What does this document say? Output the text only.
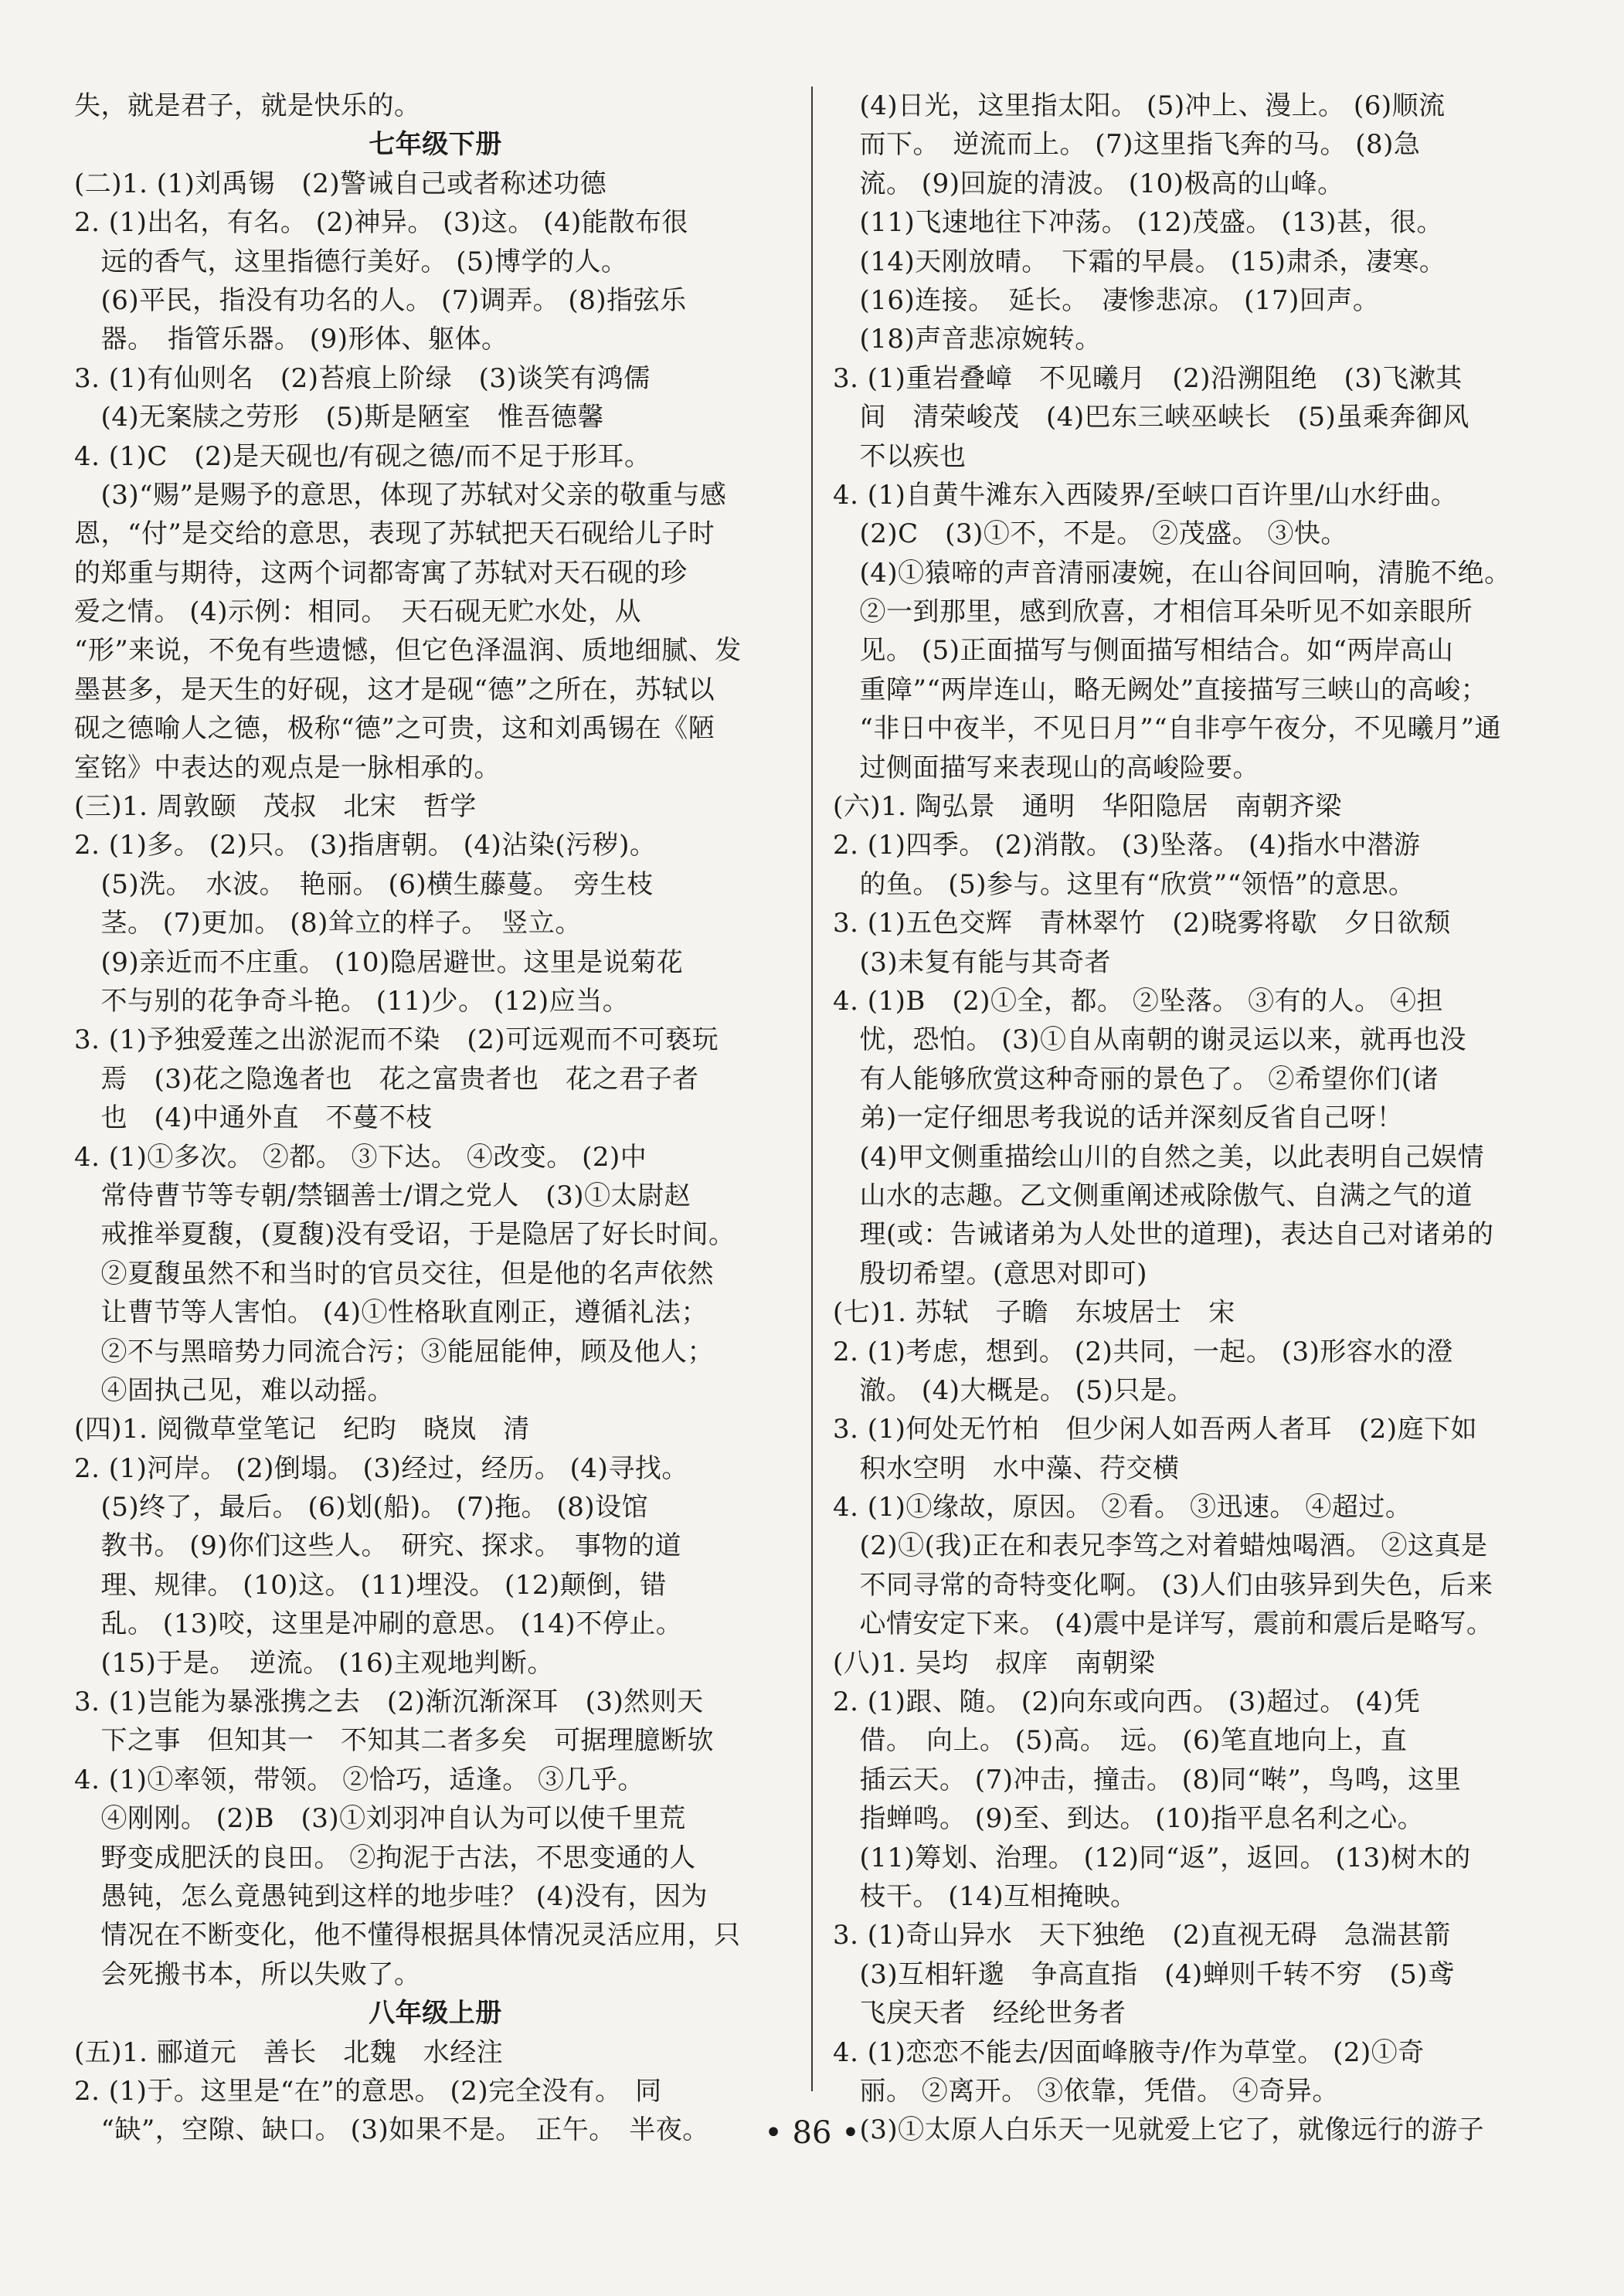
失，就是君子，就是快乐的。
七年级下册
(二)1. (1)刘禹锡　(2)警诫自己或者称述功德
2. (1)出名，有名。 (2)神异。 (3)这。 (4)能散布很
　远的香气，这里指德行美好。 (5)博学的人。
　(6)平民，指没有功名的人。 (7)调弄。 (8)指弦乐
　器。　指管乐器。 (9)形体、躯体。
3. (1)有仙则名　(2)苔痕上阶绿　(3)谈笑有鸿儒
　(4)无案牍之劳形　(5)斯是陋室　惟吾德馨
4. (1)C　(2)是天砚也/有砚之德/而不足于形耳。
　(3)“赐”是赐予的意思，体现了苏轼对父亲的敬重与感
恩，“付”是交给的意思，表现了苏轼把天石砚给儿子时
的郑重与期待，这两个词都寄寓了苏轼对天石砚的珍
爱之情。 (4)示例：相同。　天石砚无贮水处，从
“形”来说，不免有些遗憾，但它色泽温润、质地细腻、发
墨甚多，是天生的好砚，这才是砚“德”之所在，苏轼以
砚之德喻人之德，极称“德”之可贵，这和刘禹锡在《陋
室铭》中表达的观点是一脉相承的。
(三)1. 周敦颐　茂叔　北宋　哲学
2. (1)多。 (2)只。 (3)指唐朝。 (4)沾染(污秽)。
　(5)洗。　水波。　艳丽。 (6)横生藤蔓。　旁生枝
　茎。 (7)更加。 (8)耸立的样子。　竖立。
　(9)亲近而不庄重。 (10)隐居避世。这里是说菊花
　不与别的花争奇斗艳。 (11)少。 (12)应当。
3. (1)予独爱莲之出淤泥而不染　(2)可远观而不可亵玩
　焉　(3)花之隐逸者也　花之富贵者也　花之君子者
　也　(4)中通外直　不蔓不枝
4. (1)①多次。 ②都。 ③下达。 ④改变。 (2)中
　常侍曹节等专朝/禁锢善士/谓之党人　(3)①太尉赵
　戒推举夏馥，(夏馥)没有受诏，于是隐居了好长时间。
　②夏馥虽然不和当时的官员交往，但是他的名声依然
　让曹节等人害怕。 (4)①性格耿直刚正，遵循礼法；
　②不与黑暗势力同流合污；③能屈能伸，顾及他人；
　④固执己见，难以动摇。
(四)1. 阅微草堂笔记　纪昀　晓岚　清
2. (1)河岸。 (2)倒塌。 (3)经过，经历。 (4)寻找。
　(5)终了，最后。 (6)划(船)。 (7)拖。 (8)设馆
　教书。 (9)你们这些人。　研究、探求。　事物的道
　理、规律。 (10)这。 (11)埋没。 (12)颠倒，错
　乱。 (13)咬，这里是冲刷的意思。 (14)不停止。
　(15)于是。　逆流。 (16)主观地判断。
3. (1)岂能为暴涨携之去　(2)渐沉渐深耳　(3)然则天
　下之事　但知其一　不知其二者多矣　可据理臆断欤
4. (1)①率领，带领。 ②恰巧，适逢。 ③几乎。
　④刚刚。 (2)B　(3)①刘羽冲自认为可以使千里荒
　野变成肥沃的良田。 ②拘泥于古法，不思变通的人
　愚钝，怎么竟愚钝到这样的地步哇？ (4)没有，因为
　情况在不断变化，他不懂得根据具体情况灵活应用，只
　会死搬书本，所以失败了。
八年级上册
(五)1. 郦道元　善长　北魏　水经注
2. (1)于。这里是“在”的意思。 (2)完全没有。　同
　“缺”，空隙、缺口。 (3)如果不是。　正午。　半夜。
　(4)日光，这里指太阳。 (5)冲上、漫上。 (6)顺流
　而下。　逆流而上。 (7)这里指飞奔的马。 (8)急
　流。 (9)回旋的清波。 (10)极高的山峰。
　(11)飞速地往下冲荡。 (12)茂盛。 (13)甚，很。
　(14)天刚放晴。　下霜的早晨。 (15)肃杀，凄寒。
　(16)连接。　延长。　凄惨悲凉。 (17)回声。
　(18)声音悲凉婉转。
3. (1)重岩叠嶂　不见曦月　(2)沿溯阻绝　(3)飞漱其
　间　清荣峻茂　(4)巴东三峡巫峡长　(5)虽乘奔御风
　不以疾也
4. (1)自黄牛滩东入西陵界/至峡口百许里/山水纡曲。
　(2)C　(3)①不，不是。 ②茂盛。 ③快。
　(4)①猿啼的声音清丽凄婉，在山谷间回响，清脆不绝。
　②一到那里，感到欣喜，才相信耳朵听见不如亲眼所
　见。 (5)正面描写与侧面描写相结合。如“两岸高山
　重障”“两岸连山，略无阙处”直接描写三峡山的高峻；
　“非日中夜半，不见日月”“自非亭午夜分，不见曦月”通
　过侧面描写来表现山的高峻险要。
(六)1. 陶弘景　通明　华阳隐居　南朝齐梁
2. (1)四季。 (2)消散。 (3)坠落。 (4)指水中潜游
　的鱼。 (5)参与。这里有“欣赏”“领悟”的意思。
3. (1)五色交辉　青林翠竹　(2)晓雾将歇　夕日欲颓
　(3)未复有能与其奇者
4. (1)B　(2)①全，都。 ②坠落。 ③有的人。 ④担
　忧，恐怕。 (3)①自从南朝的谢灵运以来，就再也没
　有人能够欣赏这种奇丽的景色了。 ②希望你们(诸
　弟)一定仔细思考我说的话并深刻反省自己呀！
　(4)甲文侧重描绘山川的自然之美，以此表明自己娱情
　山水的志趣。乙文侧重阐述戒除傲气、自满之气的道
　理(或：告诫诸弟为人处世的道理)，表达自己对诸弟的
　殷切希望。(意思对即可)
(七)1. 苏轼　子瞻　东坡居士　宋
2. (1)考虑，想到。 (2)共同，一起。 (3)形容水的澄
　澈。 (4)大概是。 (5)只是。
3. (1)何处无竹柏　但少闲人如吾两人者耳　(2)庭下如
　积水空明　水中藻、荇交横
4. (1)①缘故，原因。 ②看。 ③迅速。 ④超过。
　(2)①(我)正在和表兄李笃之对着蜡烛喝酒。 ②这真是
　不同寻常的奇特变化啊。 (3)人们由骇异到失色，后来
　心情安定下来。 (4)震中是详写，震前和震后是略写。
(八)1. 吴均　叔庠　南朝梁
2. (1)跟、随。 (2)向东或向西。 (3)超过。 (4)凭
　借。　向上。 (5)高。　远。 (6)笔直地向上，直
　插云天。 (7)冲击，撞击。 (8)同“啭”，鸟鸣，这里
　指蝉鸣。 (9)至、到达。 (10)指平息名利之心。
　(11)筹划、治理。 (12)同“返”，返回。 (13)树木的
　枝干。 (14)互相掩映。
3. (1)奇山异水　天下独绝　(2)直视无碍　急湍甚箭
　(3)互相轩邈　争高直指　(4)蝉则千转不穷　(5)鸢
　飞戾天者　经纶世务者
4. (1)恋恋不能去/因面峰腋寺/作为草堂。 (2)①奇
　丽。 ②离开。 ③依靠，凭借。 ④奇异。
　(3)①太原人白乐天一见就爱上它了，就像远行的游子
• 86 •
